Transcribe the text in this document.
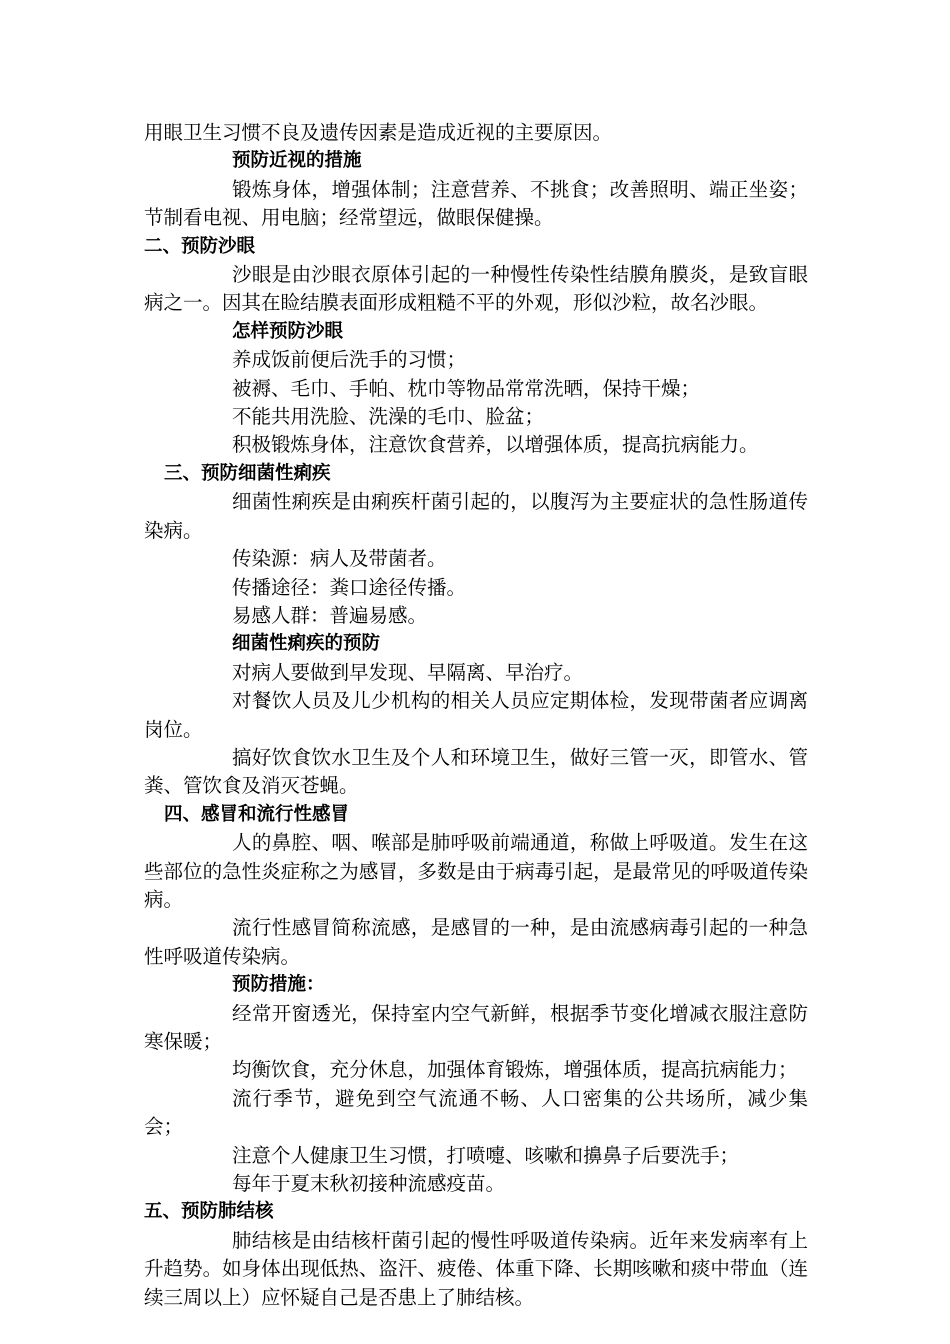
用眼卫生习惯不良及遗传因素是造成近视的主要原因。

预防近视的措施

锻炼身体，增强体制；注意营养、不挑食；改善照明、端正坐姿；节制看电视、用电脑；经常望远，做眼保健操。

二、预防沙眼

沙眼是由沙眼衣原体引起的一种慢性传染性结膜角膜炎，是致盲眼病之一。因其在睑结膜表面形成粗糙不平的外观，形似沙粒，故名沙眼。

怎样预防沙眼

养成饭前便后洗手的习惯；

被褥、毛巾、手帕、枕巾等物品常常洗晒，保持干燥；

不能共用洗脸、洗澡的毛巾、脸盆；

积极锻炼身体，注意饮食营养，以增强体质，提高抗病能力。

三、预防细菌性痢疾

细菌性痢疾是由痢疾杆菌引起的，以腹泻为主要症状的急性肠道传染病。

传染源：病人及带菌者。

传播途径：粪口途径传播。

易感人群：普遍易感。

细菌性痢疾的预防

对病人要做到早发现、早隔离、早治疗。

对餐饮人员及儿少机构的相关人员应定期体检，发现带菌者应调离岗位。

搞好饮食饮水卫生及个人和环境卫生，做好三管一灭，即管水、管粪、管饮食及消灭苍蝇。

四、感冒和流行性感冒

人的鼻腔、咽、喉部是肺呼吸前端通道，称做上呼吸道。发生在这些部位的急性炎症称之为感冒，多数是由于病毒引起，是最常见的呼吸道传染病。

流行性感冒简称流感，是感冒的一种，是由流感病毒引起的一种急性呼吸道传染病。

预防措施：

经常开窗透光，保持室内空气新鲜，根据季节变化增减衣服注意防寒保暖；

均衡饮食，充分休息，加强体育锻炼，增强体质，提高抗病能力；

流行季节，避免到空气流通不畅、人口密集的公共场所，减少集会；

注意个人健康卫生习惯，打喷嚏、咳嗽和擤鼻子后要洗手；

每年于夏末秋初接种流感疫苗。

五、预防肺结核

肺结核是由结核杆菌引起的慢性呼吸道传染病。近年来发病率有上升趋势。如身体出现低热、盗汗、疲倦、体重下降、长期咳嗽和痰中带血（连续三周以上）应怀疑自己是否患上了肺结核。
